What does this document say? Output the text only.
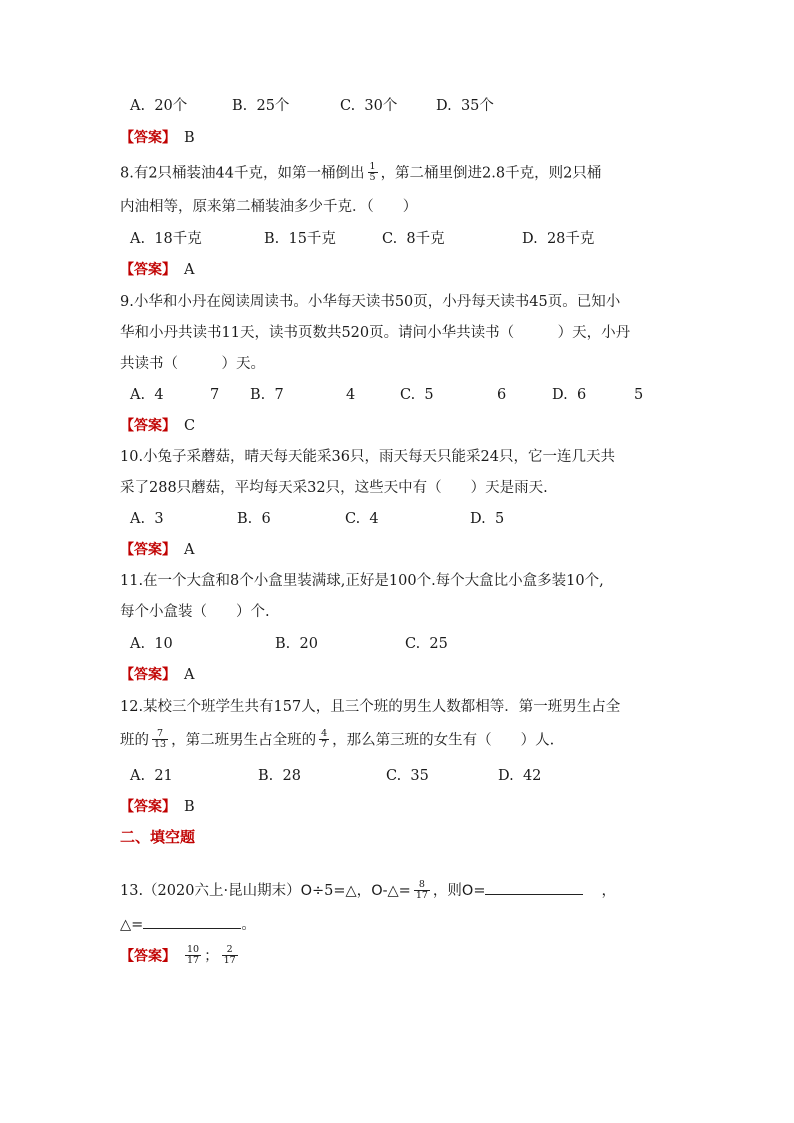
A. 20个	B. 25个	C. 30个	D. 35个
【答案】 B
8.有2只桶装油44千克，如第一桶倒出 $\frac{1}{5}$ ，第二桶里倒进2.8千克，则2只桶
内油相等，原来第二桶装油多少千克．（　　）
A. 18千克	B. 15千克	C. 8千克	D. 28千克
【答案】 A
9.小华和小丹在阅读周读书。小华每天读书50页，小丹每天读书45页。已知小
华和小丹共读书11天，读书页数共520页。请问小华共读书（　　　）天，小丹
共读书（　　　）天。
A. 4	7 B. 7	4	C. 5	6	D. 6	5
【答案】 C
10.小兔子采蘑菇，晴天每天能采36只，雨天每天只能采24只，它一连几天共
采了288只蘑菇，平均每天采32只，这些天中有（　　）天是雨天.
A. 3	B. 6	C. 4	D. 5
【答案】 A
11.在一个大盒和8个小盒里装满球,正好是100个.每个大盒比小盒多装10个,
每个小盒装（　　）个.
A. 10	B. 20	C. 25
【答案】 A
12.某校三个班学生共有157人，且三个班的男生人数都相等．第一班男生占全
班的 $\frac{7}{13}$ ，第二班男生占全班的 $\frac{4}{7}$ ，那么第三班的女生有（　　）人.
A. 21	B. 28	C. 35	D. 42
【答案】 B
二、填空题
13.（2020六上·昆山期末）O÷5=△，O-△= $\frac{8}{17}$ ，则O=	，
△=	。
【答案】 $\frac{10}{17}$ ； $\frac{2}{17}$
